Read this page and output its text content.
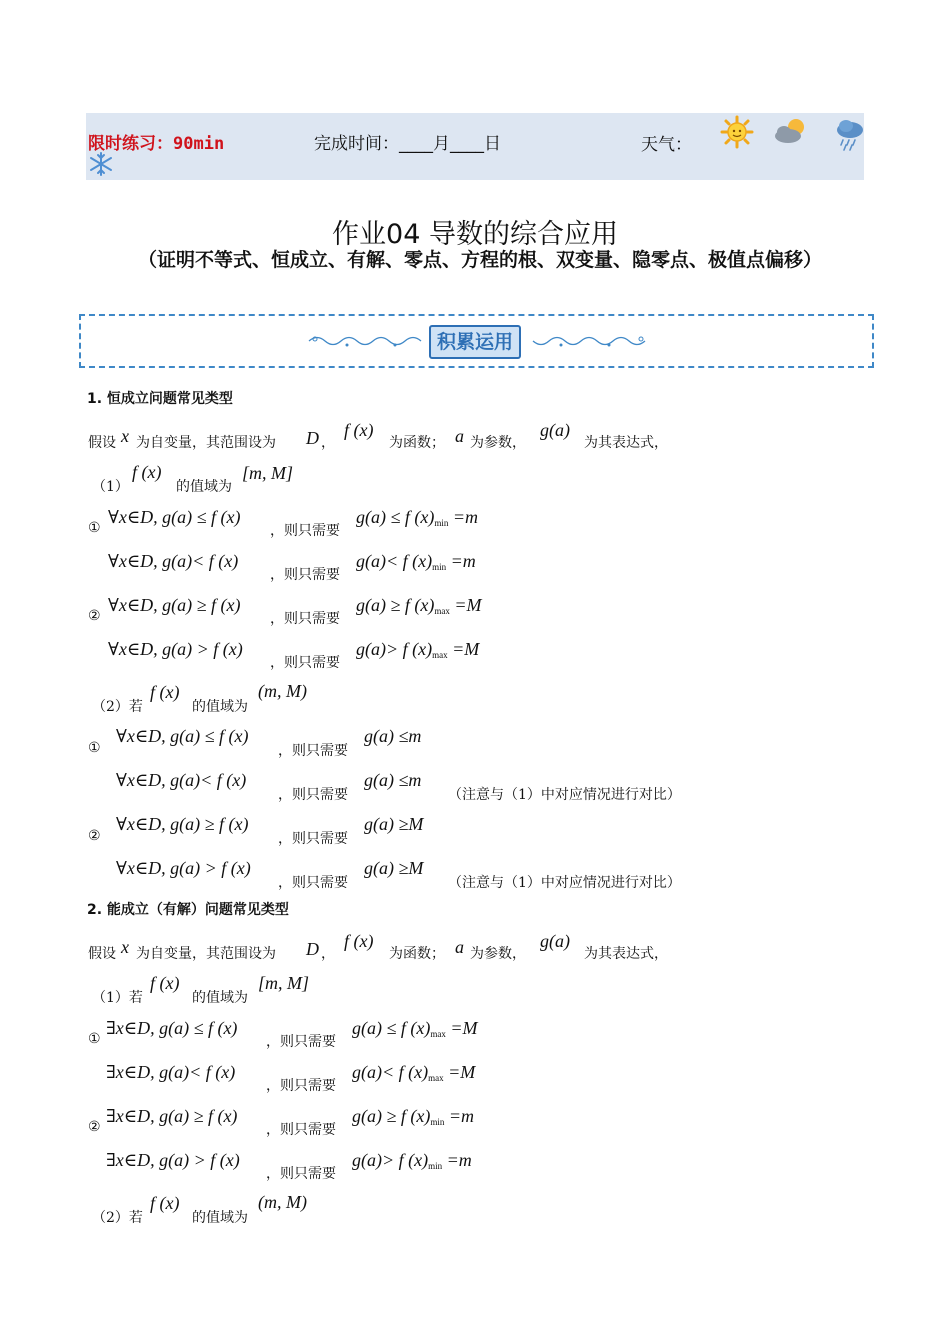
限时练习：90min	完成时间：____月____日	天气：
作业04 导数的综合应用
（证明不等式、恒成立、有解、零点、方程的根、双变量、隐零点、极值点偏移）
积累运用
1. 恒成立问题常见类型
假设 x 为自变量，其范围设为 D ，
f (x)
为函数； a 为参数，
g(a)
为其表达式，
（1）
f (x)
的值域为
[m, M]
①
∀x∈D, g(a) ≤ f (x)
，则只需要
g(a) ≤ f (x)min =m
∀x∈D, g(a)< f (x)
，则只需要
g(a)< f (x)min =m
②
∀x∈D, g(a) ≥ f (x)
，则只需要
g(a) ≥ f (x)max =M
∀x∈D, g(a) > f (x)
，则只需要
g(a)> f (x)max =M
（2）若
f (x)
的值域为
(m, M)
①
∀x∈D, g(a) ≤ f (x)
，则只需要
g(a) ≤m
∀x∈D, g(a)< f (x)
，则只需要
g(a) ≤m
（注意与（1）中对应情况进行对比）
②
∀x∈D, g(a) ≥ f (x)
，则只需要
g(a) ≥M
∀x∈D, g(a) > f (x)
，则只需要
g(a) ≥M
（注意与（1）中对应情况进行对比）
2. 能成立（有解）问题常见类型
假设 x 为自变量，其范围设为 D ，
f (x)
为函数； a 为参数，
g(a)
为其表达式，
（1）若
f (x)
的值域为
[m, M]
①
∃x∈D, g(a) ≤ f (x)
，则只需要
g(a) ≤ f (x)max =M
∃x∈D, g(a)< f (x)
，则只需要
g(a)< f (x)max =M
②
∃x∈D, g(a) ≥ f (x)
，则只需要
g(a) ≥ f (x)min =m
∃x∈D, g(a) > f (x)
，则只需要
g(a)> f (x)min =m
（2）若
f (x)
的值域为
(m, M)
